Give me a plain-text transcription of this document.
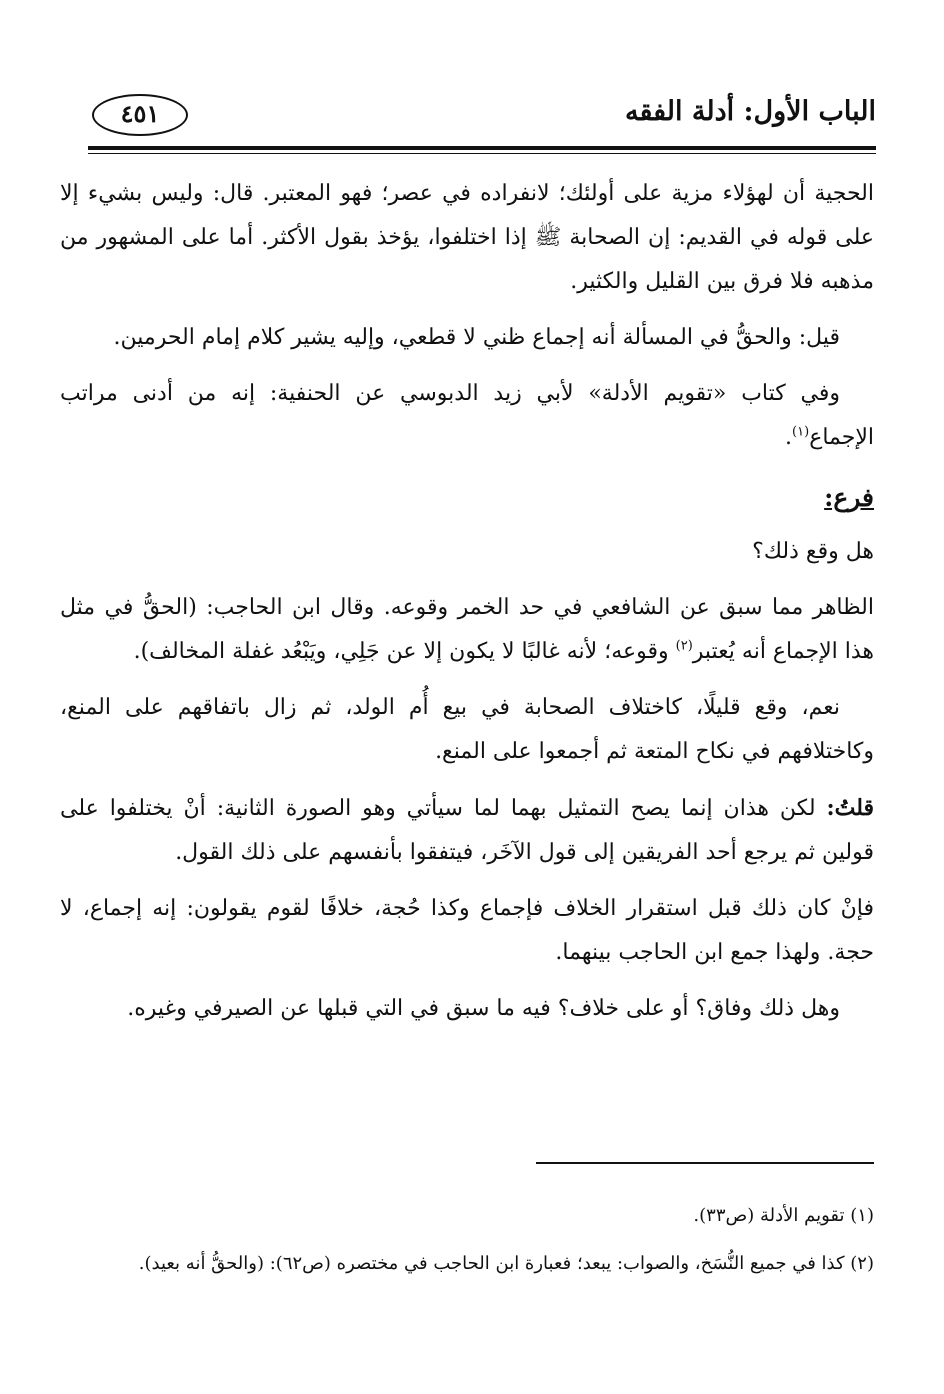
الباب الأول: أدلة الفقه
٤٥١

الحجية أن لهؤلاء مزية على أولئك؛ لانفراده في عصر؛ فهو المعتبر. قال: وليس بشيء إلا على قوله في القديم: إن الصحابة ﷺ إذا اختلفوا، يؤخذ بقول الأكثر. أما على المشهور من مذهبه فلا فرق بين القليل والكثير.

قيل: والحقُّ في المسألة أنه إجماع ظني لا قطعي، وإليه يشير كلام إمام الحرمين.

وفي كتاب «تقويم الأدلة» لأبي زيد الدبوسي عن الحنفية: إنه من أدنى مراتب الإجماع$^{(١)}$.

فرع:

هل وقع ذلك؟

الظاهر مما سبق عن الشافعي في حد الخمر وقوعه. وقال ابن الحاجب: (الحقُّ في مثل هذا الإجماع أنه يُعتبر$^{(٢)}$ وقوعه؛ لأنه غالبًا لا يكون إلا عن جَلِي، ويَبْعُد غفلة المخالف).

نعم، وقع قليلًا، كاختلاف الصحابة في بيع أُم الولد، ثم زال باتفاقهم على المنع، وكاختلافهم في نكاح المتعة ثم أجمعوا على المنع.

قلتُ: لكن هذان إنما يصح التمثيل بهما لما سيأتي وهو الصورة الثانية: أنْ يختلفوا على قولين ثم يرجع أحد الفريقين إلى قول الآخَر، فيتفقوا بأنفسهم على ذلك القول.

فإنْ كان ذلك قبل استقرار الخلاف فإجماع وكذا حُجة، خلافًا لقوم يقولون: إنه إجماع، لا حجة. ولهذا جمع ابن الحاجب بينهما.

وهل ذلك وفاق؟ أو على خلاف؟ فيه ما سبق في التي قبلها عن الصيرفي وغيره.

(١) تقويم الأدلة (ص٣٣).

(٢) كذا في جميع النُّسَخ، والصواب: يبعد؛ فعبارة ابن الحاجب في مختصره (ص٦٢): (والحقُّ أنه بعيد).
